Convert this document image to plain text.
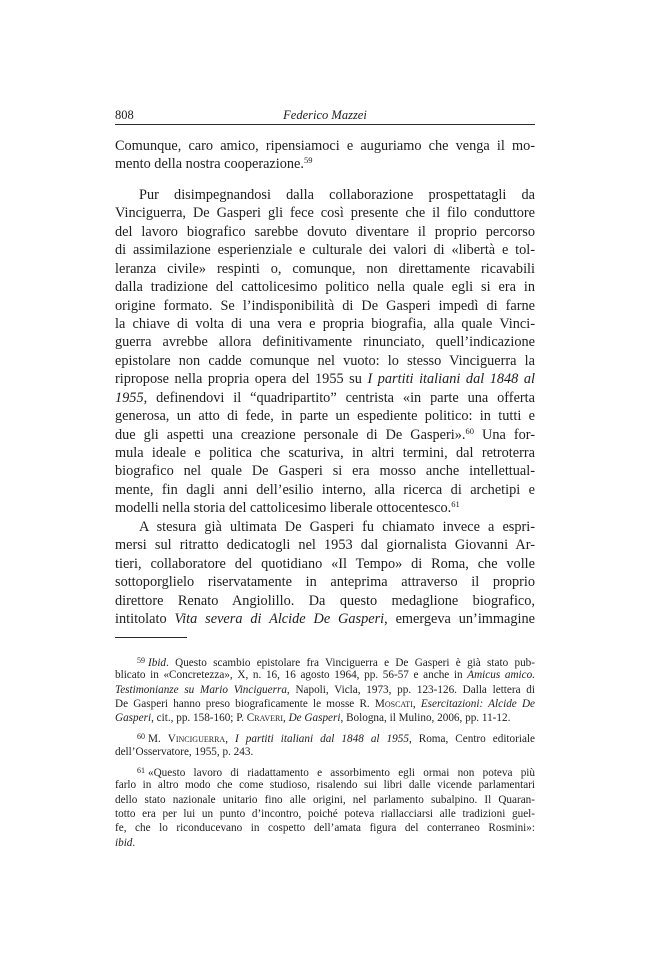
808	Federico Mazzei
Comunque, caro amico, ripensiamoci e auguriamo che venga il mo-
mento della nostra cooperazione.$^{59}$
Pur disimpegnandosi dalla collaborazione prospettatagli da
Vinciguerra, De Gasperi gli fece così presente che il filo conduttore
del lavoro biografico sarebbe dovuto diventare il proprio percorso
di assimilazione esperienziale e culturale dei valori di «libertà e tol-
leranza civile» respinti o, comunque, non direttamente ricavabili
dalla tradizione del cattolicesimo politico nella quale egli si era in
origine formato. Se l’indisponibilità di De Gasperi impedì di farne
la chiave di volta di una vera e propria biografia, alla quale Vinci-
guerra avrebbe allora definitivamente rinunciato, quell’indicazione
epistolare non cadde comunque nel vuoto: lo stesso Vinciguerra la
ripropose nella propria opera del 1955 su I partiti italiani dal 1848 al
1955, definendovi il “quadripartito” centrista «in parte una offerta
generosa, un atto di fede, in parte un espediente politico: in tutti e
due gli aspetti una creazione personale di De Gasperi».$^{60}$ Una for-
mula ideale e politica che scaturiva, in altri termini, dal retroterra
biografico nel quale De Gasperi si era mosso anche intellettual-
mente, fin dagli anni dell’esilio interno, alla ricerca di archetipi e
modelli nella storia del cattolicesimo liberale ottocentesco.$^{61}$
A stesura già ultimata De Gasperi fu chiamato invece a espri-
mersi sul ritratto dedicatogli nel 1953 dal giornalista Giovanni Ar-
tieri, collaboratore del quotidiano «Il Tempo» di Roma, che volle
sottoporglielo riservatamente in anteprima attraverso il proprio
direttore Renato Angiolillo. Da questo medaglione biografico,
intitolato Vita severa di Alcide De Gasperi, emergeva un’immagine
$^{59}$ Ibid. Questo scambio epistolare fra Vinciguerra e De Gasperi è già stato pub-
blicato in «Concretezza», X, n. 16, 16 agosto 1964, pp. 56-57 e anche in Amicus amico.
Testimonianze su Mario Vinciguerra, Napoli, Vicla, 1973, pp. 123-126. Dalla lettera di
De Gasperi hanno preso biograficamente le mosse R. Moscati, Esercitazioni: Alcide De
Gasperi, cit., pp. 158-160; P. Craveri, De Gasperi, Bologna, il Mulino, 2006, pp. 11-12.
$^{60}$ M. Vinciguerra, I partiti italiani dal 1848 al 1955, Roma, Centro editoriale
dell’Osservatore, 1955, p. 243.
$^{61}$ «Questo lavoro di riadattamento e assorbimento egli ormai non poteva più
farlo in altro modo che come studioso, risalendo sui libri dalle vicende parlamentari
dello stato nazionale unitario fino alle origini, nel parlamento subalpino. Il Quaran-
totto era per lui un punto d’incontro, poiché poteva riallacciarsi alle tradizioni guel-
fe, che lo riconducevano in cospetto dell’amata figura del conterraneo Rosmini»:
ibid.
